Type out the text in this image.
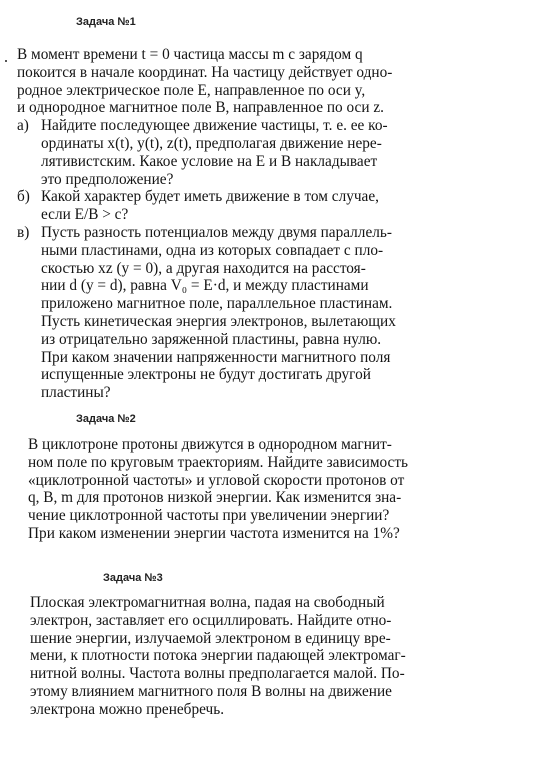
Задача №1
В момент времени t = 0 частица массы m с зарядом q
покоится в начале координат. На частицу действует одно-
родное электрическое поле E, направленное по оси y,
и однородное магнитное поле B, направленное по оси z.
а) Найдите последующее движение частицы, т. е. ее ко-
ординаты x(t), y(t), z(t), предполагая движение нере-
лятивистским. Какое условие на E и B накладывает
это предположение?
б) Какой характер будет иметь движение в том случае,
если E/B > c?
в) Пусть разность потенциалов между двумя параллель-
ными пластинами, одна из которых совпадает с пло-
скостью xz (y = 0), а другая находится на расстоя-
нии d (y = d), равна V₀ = E·d, и между пластинами
приложено магнитное поле, параллельное пластинам.
Пусть кинетическая энергия электронов, вылетающих
из отрицательно заряженной пластины, равна нулю.
При каком значении напряженности магнитного поля
испущенные электроны не будут достигать другой
пластины?
Задача №2
В циклотроне протоны движутся в однородном магнит-
ном поле по круговым траекториям. Найдите зависимость
«циклотронной частоты» и угловой скорости протонов от
q, B, m для протонов низкой энергии. Как изменится зна-
чение циклотронной частоты при увеличении энергии?
При каком изменении энергии частота изменится на 1%?
Задача №3
Плоская электромагнитная волна, падая на свободный
электрон, заставляет его осциллировать. Найдите отно-
шение энергии, излучаемой электроном в единицу вре-
мени, к плотности потока энергии падающей электромаг-
нитной волны. Частота волны предполагается малой. По-
этому влиянием магнитного поля B волны на движение
электрона можно пренебречь.
